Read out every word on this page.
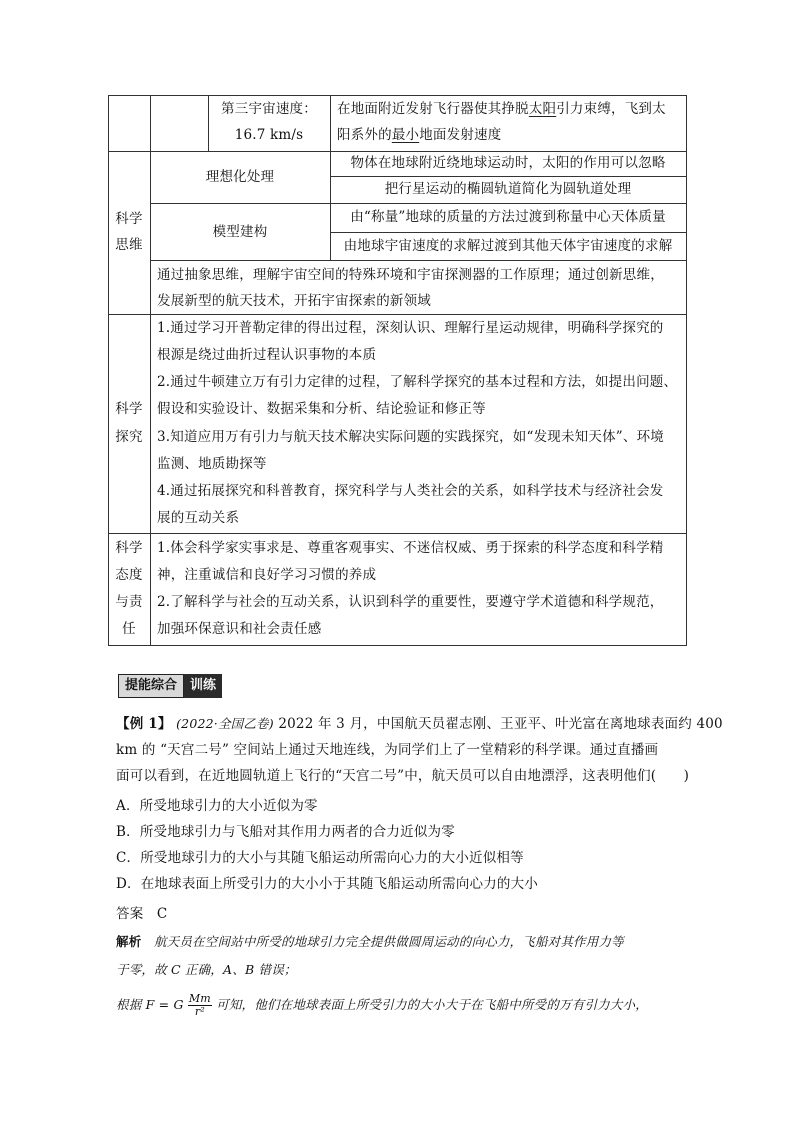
第三宇宙速度：
16.7 km/s
在地面附近发射飞行器使其挣脱太阳引力束缚，飞到太
阳系外的最小地面发射速度
科学
思维
理想化处理
物体在地球附近绕地球运动时，太阳的作用可以忽略
把行星运动的椭圆轨道简化为圆轨道处理
模型建构
由“称量”地球的质量的方法过渡到称量中心天体质量
由地球宇宙速度的求解过渡到其他天体宇宙速度的求解
通过抽象思维，理解宇宙空间的特殊环境和宇宙探测器的工作原理；通过创新思维，
发展新型的航天技术，开拓宇宙探索的新领域
科学
探究
1.通过学习开普勒定律的得出过程，深刻认识、理解行星运动规律，明确科学探究的
根源是绕过曲折过程认识事物的本质
2.通过牛顿建立万有引力定律的过程，了解科学探究的基本过程和方法，如提出问题、
假设和实验设计、数据采集和分析、结论验证和修正等
3.知道应用万有引力与航天技术解决实际问题的实践探究，如“发现未知天体”、环境
监测、地质勘探等
4.通过拓展探究和科普教育，探究科学与人类社会的关系，如科学技术与经济社会发
展的互动关系
科学
态度
与责
任
1.体会科学家实事求是、尊重客观事实、不迷信权威、勇于探索的科学态度和科学精
神，注重诚信和良好学习习惯的养成
2.了解科学与社会的互动关系，认识到科学的重要性，要遵守学术道德和科学规范，
加强环保意识和社会责任感
提能综合	训练
【例 1】 (2022·全国乙卷) 2022 年 3 月，中国航天员翟志刚、王亚平、叶光富在离地球表面约 400
km 的 “天宫二号” 空间站上通过天地连线，为同学们上了一堂精彩的科学课。通过直播画
面可以看到，在近地圆轨道上飞行的“天宫二号”中，航天员可以自由地漂浮，这表明他们(　　)
A．所受地球引力的大小近似为零
B．所受地球引力与飞船对其作用力两者的合力近似为零
C．所受地球引力的大小与其随飞船运动所需向心力的大小近似相等
D．在地球表面上所受引力的大小小于其随飞船运动所需向心力的大小
答案 C
解析 航天员在空间站中所受的地球引力完全提供做圆周运动的向心力，飞船对其作用力等
于零，故 C 正确，A、B 错误；
根据 F = G $\frac{Mm}{\text{r²}}$ 可知，他们在地球表面上所受引力的大小大于在飞船中所受的万有引力大小，
